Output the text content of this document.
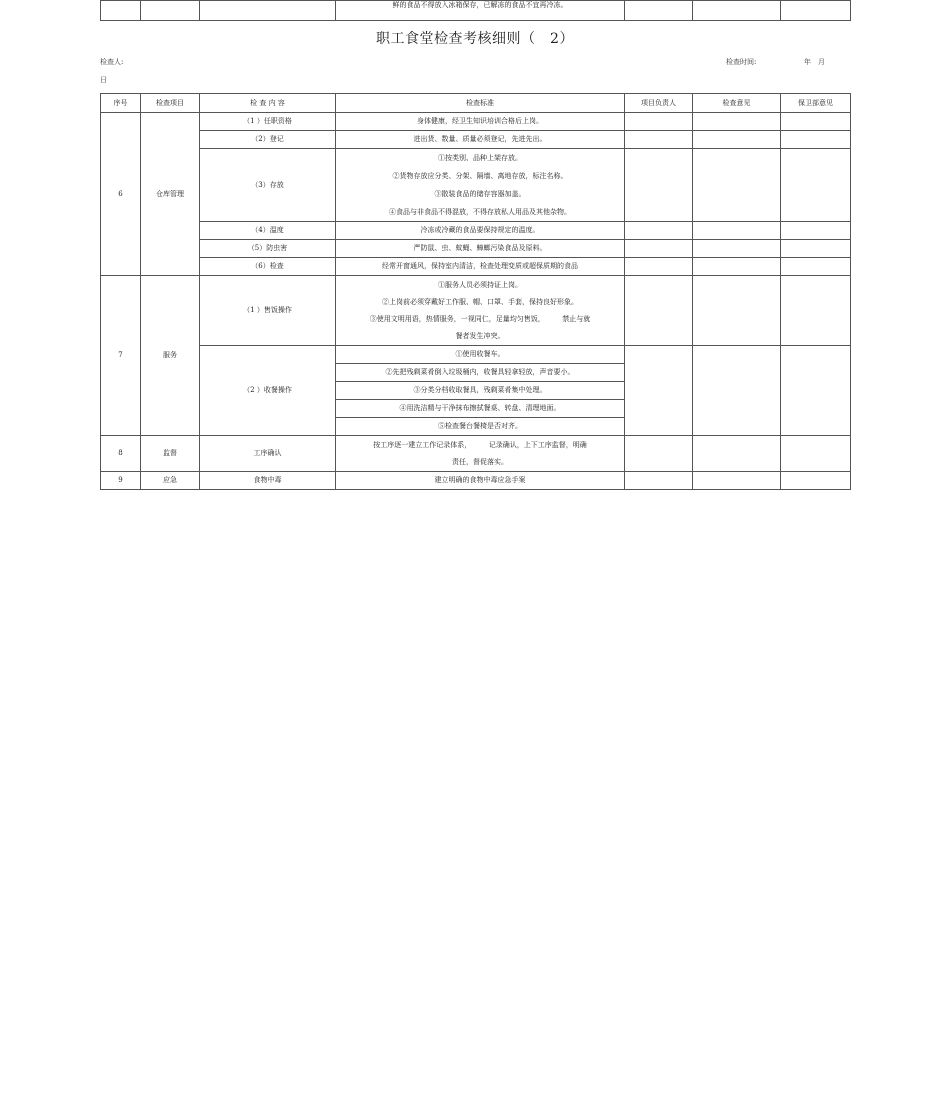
			鲜的食品不得放入冰箱保存，已解冻的食品不宜再冷冻。			
职工食堂检查考核细则（　2）
检查人:	检查时间:	年　月
日
序号	检查项目	检 查 内 容	检查标准	项目负责人	检查意见	保卫部意见
6	仓库管理	（1 ）任职资格	身体健康，经卫生知识培训合格后上岗。			
		（2）登记	进出货、数量、质量必须登记，先进先出。			
		（3）存放	①按类别、品种上架存放。
②货物存放应分类、分架、隔墙、离地存放，标注名称。
③散装食品的储存容器加盖。
④食品与非食品不得混放，不得存放私人用品及其他杂物。			

		（4）温度	冷冻或冷藏的食品要保持规定的温度。			
		（5）防虫害	严防鼠、虫、蚊蝇、蟑螂污染食品及原料。			
		（6）检查	经常开窗通风，保持室内清洁，检查处理变质或超保质期的食品			
7	服务	（1 ）售饭操作	①服务人员必须持证上岗。
②上岗前必须穿戴好工作服、帽、口罩、手套，保持良好形象。
③使用文明用语，热情服务，一视同仁，足量均匀售饭，　　　禁止与就
餐者发生冲突。			

		（2 ）收餐操作	①使用收餐车。			
			②先把残剩菜肴倒入垃圾桶内，收餐具轻拿轻放，声音要小。			
			③分类分档收取餐具，残剩菜肴集中处理。			
			④用洗洁精与干净抹布擦拭餐桌、转盘、清理地面。			
			⑤检查餐台餐椅是否对齐。			
8	监督	工序确认	按工序逐一建立工作记录体系，　　　记录确认，上下工序监督，明确
责任，督促落实。			

9	应急	食物中毒	建立明确的食物中毒应急手案			
